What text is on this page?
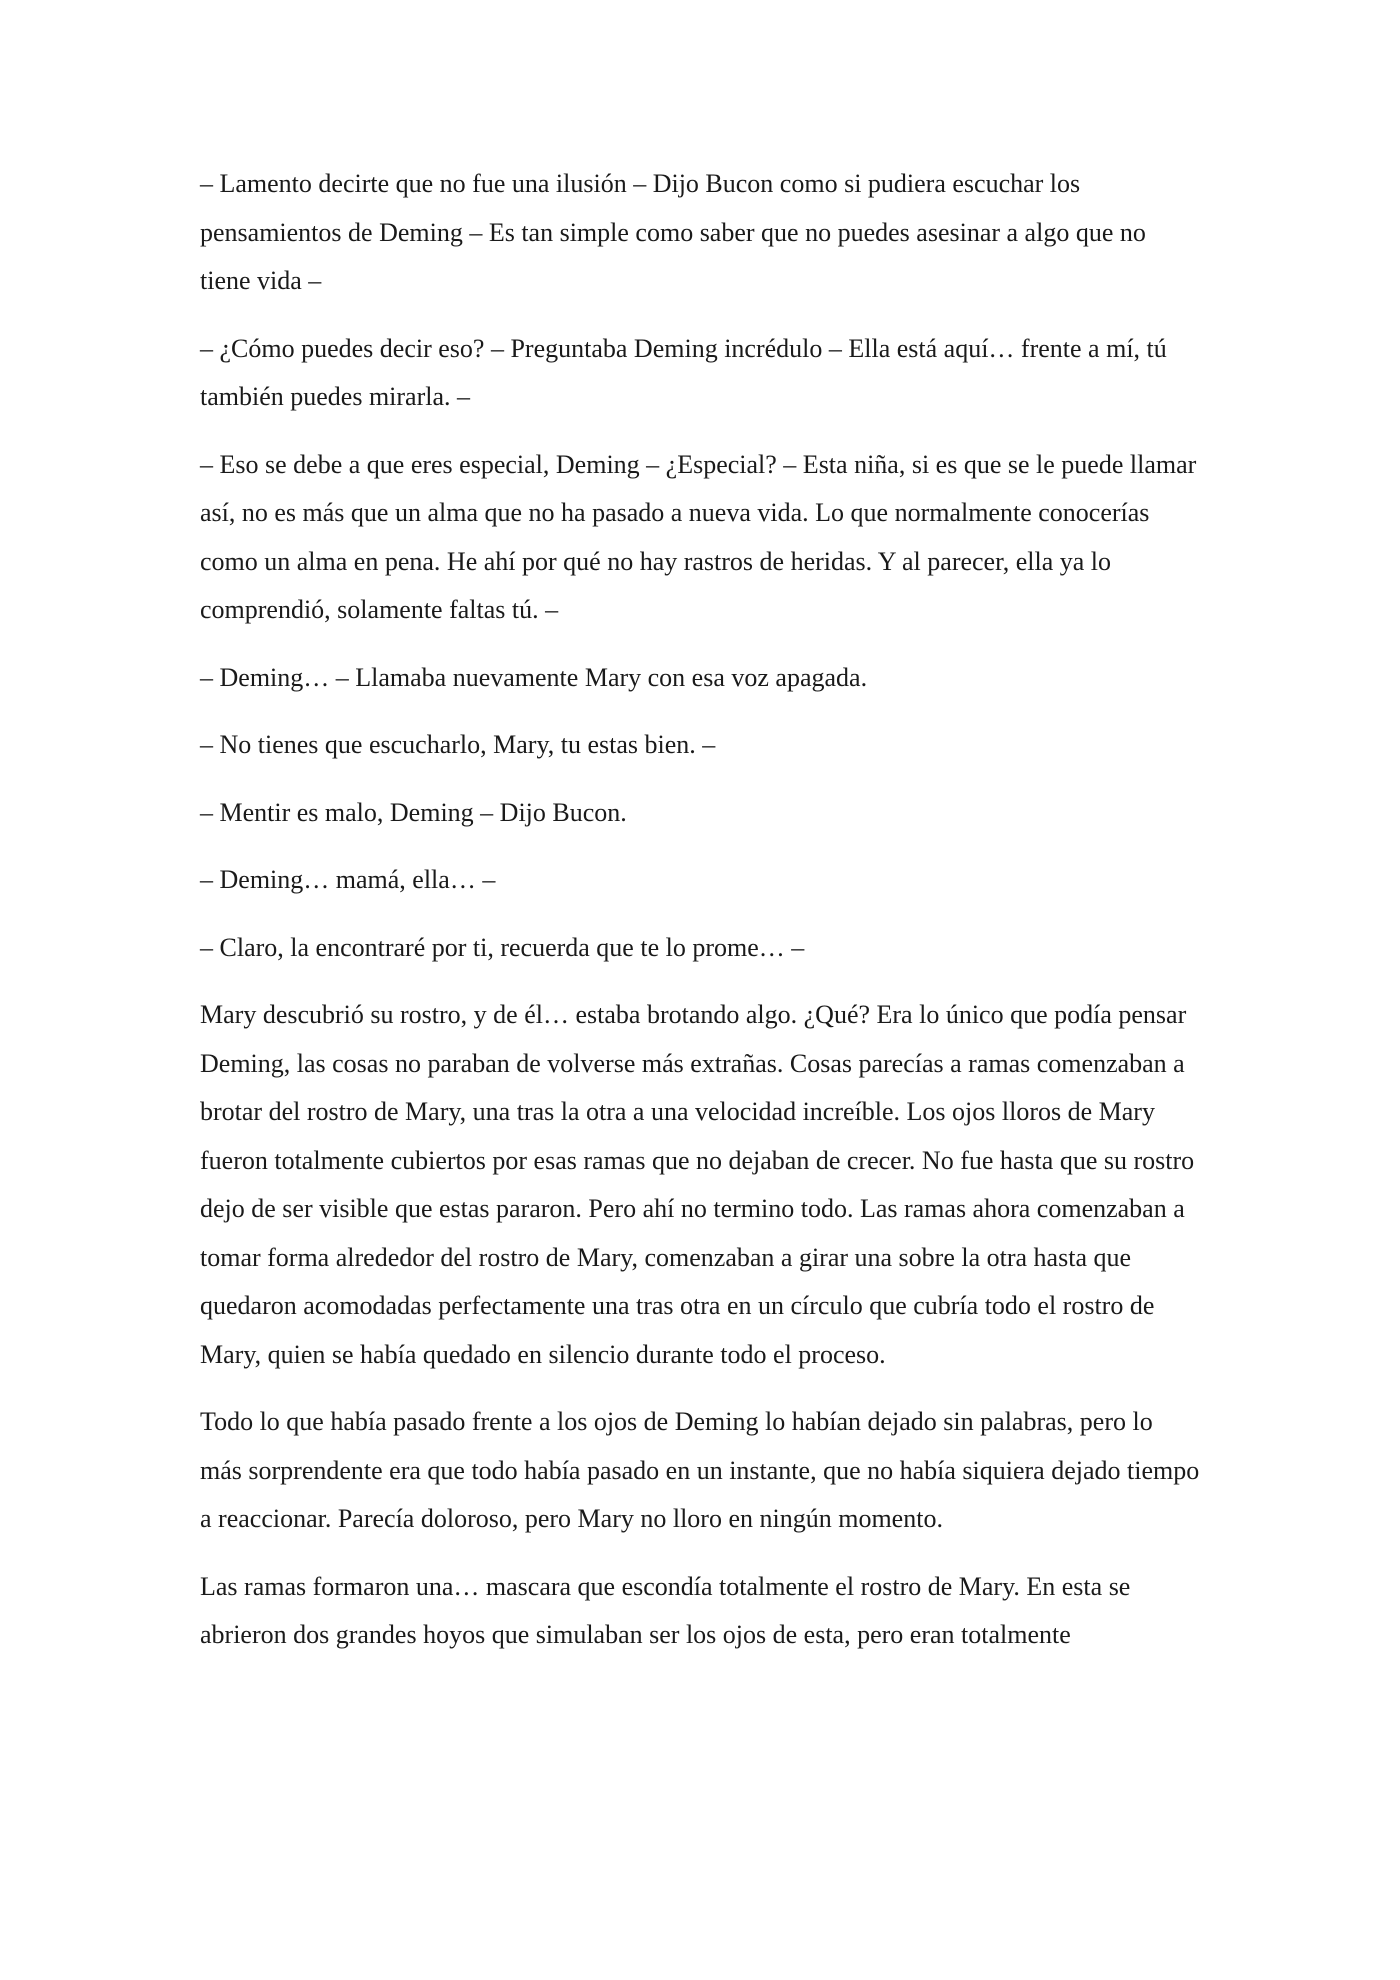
– Lamento decirte que no fue una ilusión – Dijo Bucon como si pudiera escuchar los pensamientos de Deming – Es tan simple como saber que no puedes asesinar a algo que no tiene vida –

– ¿Cómo puedes decir eso? – Preguntaba Deming incrédulo – Ella está aquí… frente a mí, tú también puedes mirarla. –

– Eso se debe a que eres especial, Deming – ¿Especial? – Esta niña, si es que se le puede llamar así, no es más que un alma que no ha pasado a nueva vida. Lo que normalmente conocerías como un alma en pena. He ahí por qué no hay rastros de heridas. Y al parecer, ella ya lo comprendió, solamente faltas tú. –

– Deming… – Llamaba nuevamente Mary con esa voz apagada.

– No tienes que escucharlo, Mary, tu estas bien. –

– Mentir es malo, Deming – Dijo Bucon.

– Deming… mamá, ella… –

– Claro, la encontraré por ti, recuerda que te lo prome… –

Mary descubrió su rostro, y de él… estaba brotando algo. ¿Qué? Era lo único que podía pensar Deming, las cosas no paraban de volverse más extrañas. Cosas parecías a ramas comenzaban a brotar del rostro de Mary, una tras la otra a una velocidad increíble. Los ojos lloros de Mary fueron totalmente cubiertos por esas ramas que no dejaban de crecer. No fue hasta que su rostro dejo de ser visible que estas pararon. Pero ahí no termino todo. Las ramas ahora comenzaban a tomar forma alrededor del rostro de Mary, comenzaban a girar una sobre la otra hasta que quedaron acomodadas perfectamente una tras otra en un círculo que cubría todo el rostro de Mary, quien se había quedado en silencio durante todo el proceso.

Todo lo que había pasado frente a los ojos de Deming lo habían dejado sin palabras, pero lo más sorprendente era que todo había pasado en un instante, que no había siquiera dejado tiempo a reaccionar. Parecía doloroso, pero Mary no lloro en ningún momento.

Las ramas formaron una… mascara que escondía totalmente el rostro de Mary. En esta se abrieron dos grandes hoyos que simulaban ser los ojos de esta, pero eran totalmente
